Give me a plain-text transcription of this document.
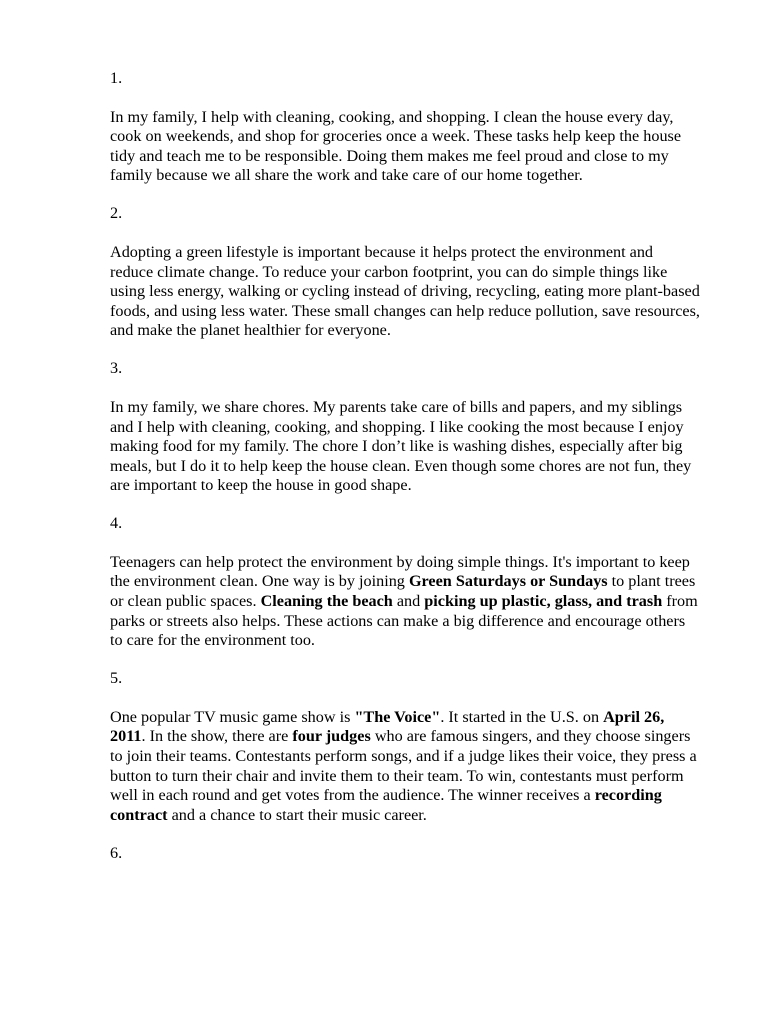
1.
In my family, I help with cleaning, cooking, and shopping. I clean the house every day, cook on weekends, and shop for groceries once a week. These tasks help keep the house tidy and teach me to be responsible. Doing them makes me feel proud and close to my family because we all share the work and take care of our home together.
2.
Adopting a green lifestyle is important because it helps protect the environment and reduce climate change. To reduce your carbon footprint, you can do simple things like using less energy, walking or cycling instead of driving, recycling, eating more plant-based foods, and using less water. These small changes can help reduce pollution, save resources, and make the planet healthier for everyone.
3.
In my family, we share chores. My parents take care of bills and papers, and my siblings and I help with cleaning, cooking, and shopping. I like cooking the most because I enjoy making food for my family. The chore I don’t like is washing dishes, especially after big meals, but I do it to help keep the house clean. Even though some chores are not fun, they are important to keep the house in good shape.
4.
Teenagers can help protect the environment by doing simple things. It's important to keep the environment clean. One way is by joining Green Saturdays or Sundays to plant trees or clean public spaces. Cleaning the beach and picking up plastic, glass, and trash from parks or streets also helps. These actions can make a big difference and encourage others to care for the environment too.
5.
One popular TV music game show is "The Voice". It started in the U.S. on April 26, 2011. In the show, there are four judges who are famous singers, and they choose singers to join their teams. Contestants perform songs, and if a judge likes their voice, they press a button to turn their chair and invite them to their team. To win, contestants must perform well in each round and get votes from the audience. The winner receives a recording contract and a chance to start their music career.
6.
